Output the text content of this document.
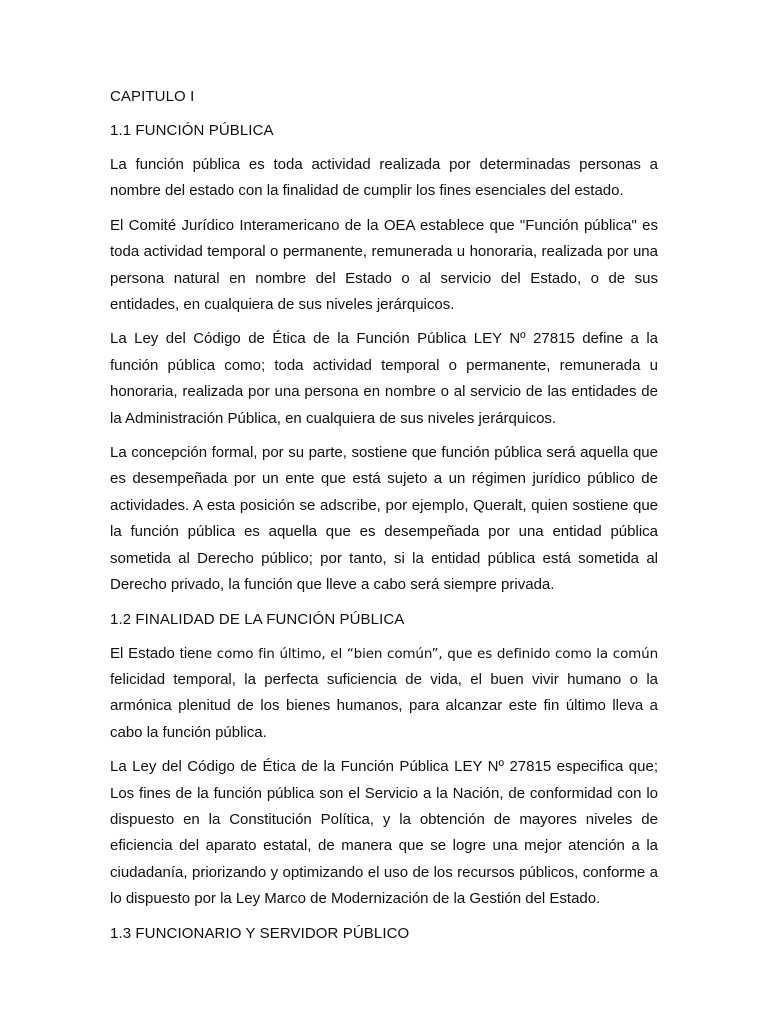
CAPITULO I
1.1 FUNCIÓN PÚBLICA

La función pública es toda actividad realizada por determinadas personas a nombre del estado con la finalidad de cumplir los fines esenciales del estado.

El Comité Jurídico Interamericano de la OEA establece que "Función pública" es toda actividad temporal o permanente, remunerada u honoraria, realizada por una persona natural en nombre del Estado o al servicio del Estado, o de sus entidades, en cualquiera de sus niveles jerárquicos.

La Ley del Código de Ética de la Función Pública LEY Nº 27815 define a la función pública como; toda actividad temporal o permanente, remunerada u honoraria, realizada por una persona en nombre o al servicio de las entidades de la Administración Pública, en cualquiera de sus niveles jerárquicos.

La concepción formal, por su parte, sostiene que función pública será aquella que es desempeñada por un ente que está sujeto a un régimen jurídico público de actividades. A esta posición se adscribe, por ejemplo, Queralt, quien sostiene que la función pública es aquella que es desempeñada por una entidad pública sometida al Derecho público; por tanto, si la entidad pública está sometida al Derecho privado, la función que lleve a cabo será siempre privada.

1.2 FINALIDAD DE LA FUNCIÓN PÚBLICA

El Estado tiene como fin último, el “bien común”, que es definido como la común felicidad temporal, la perfecta suficiencia de vida, el buen vivir humano o la armónica plenitud de los bienes humanos, para alcanzar este fin último lleva a cabo la función pública.

La Ley del Código de Ética de la Función Pública LEY Nº 27815 especifica que; Los fines de la función pública son el Servicio a la Nación, de conformidad con lo dispuesto en la Constitución Política, y la obtención de mayores niveles de eficiencia del aparato estatal, de manera que se logre una mejor atención a la ciudadanía, priorizando y optimizando el uso de los recursos públicos, conforme a lo dispuesto por la Ley Marco de Modernización de la Gestión del Estado.

1.3 FUNCIONARIO Y SERVIDOR PÚBLICO
